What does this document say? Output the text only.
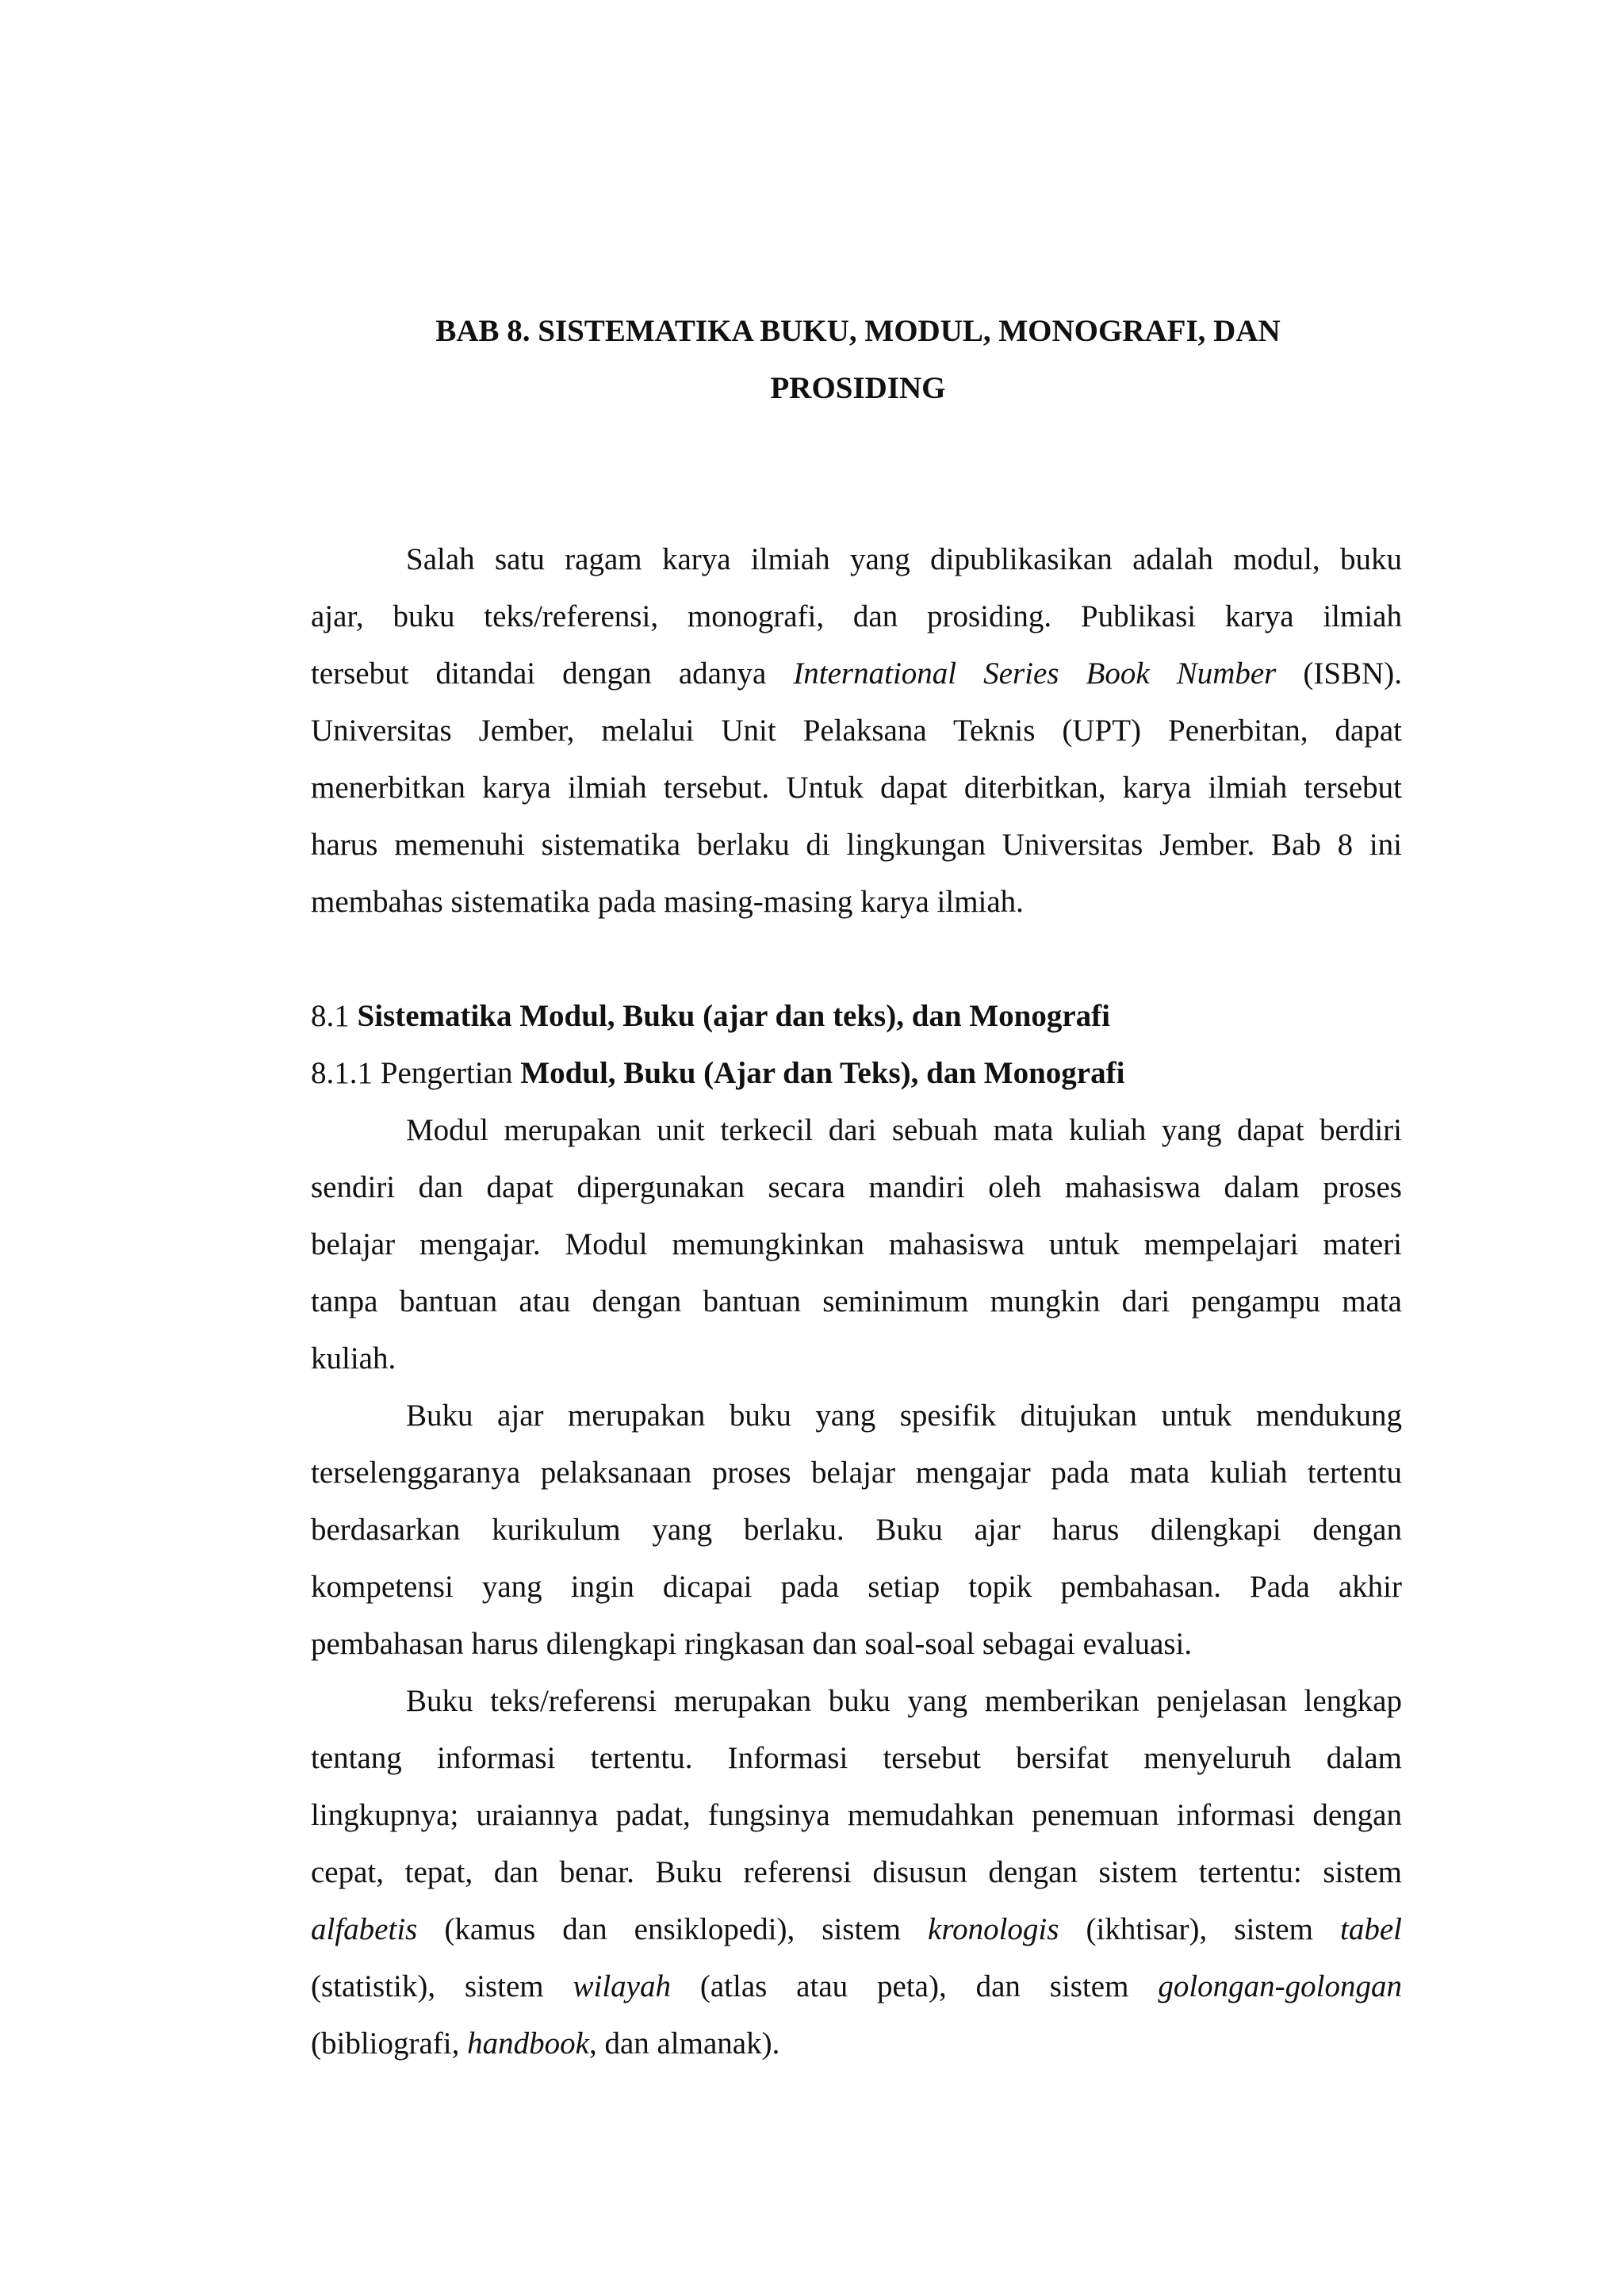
BAB 8. SISTEMATIKA BUKU, MODUL, MONOGRAFI, DAN
PROSIDING
Salah satu ragam karya ilmiah yang dipublikasikan adalah modul, buku
ajar, buku teks/referensi, monografi, dan prosiding. Publikasi karya ilmiah
tersebut ditandai dengan adanya International Series Book Number (ISBN).
Universitas Jember, melalui Unit Pelaksana Teknis (UPT) Penerbitan, dapat
menerbitkan karya ilmiah tersebut. Untuk dapat diterbitkan, karya ilmiah tersebut
harus memenuhi sistematika berlaku di lingkungan Universitas Jember. Bab 8 ini
membahas sistematika pada masing-masing karya ilmiah.
8.1 Sistematika Modul, Buku (ajar dan teks), dan Monografi
8.1.1 Pengertian Modul, Buku (Ajar dan Teks), dan Monografi
Modul merupakan unit terkecil dari sebuah mata kuliah yang dapat berdiri
sendiri dan dapat dipergunakan secara mandiri oleh mahasiswa dalam proses
belajar mengajar. Modul memungkinkan mahasiswa untuk mempelajari materi
tanpa bantuan atau dengan bantuan seminimum mungkin dari pengampu mata
kuliah.
Buku ajar merupakan buku yang spesifik ditujukan untuk mendukung
terselenggaranya pelaksanaan proses belajar mengajar pada mata kuliah tertentu
berdasarkan kurikulum yang berlaku. Buku ajar harus dilengkapi dengan
kompetensi yang ingin dicapai pada setiap topik pembahasan. Pada akhir
pembahasan harus dilengkapi ringkasan dan soal-soal sebagai evaluasi.
Buku teks/referensi merupakan buku yang memberikan penjelasan lengkap
tentang informasi tertentu. Informasi tersebut bersifat menyeluruh dalam
lingkupnya; uraiannya padat, fungsinya memudahkan penemuan informasi dengan
cepat, tepat, dan benar. Buku referensi disusun dengan sistem tertentu: sistem
alfabetis (kamus dan ensiklopedi), sistem kronologis (ikhtisar), sistem tabel
(statistik), sistem wilayah (atlas atau peta), dan sistem golongan-golongan
(bibliografi, handbook, dan almanak).
